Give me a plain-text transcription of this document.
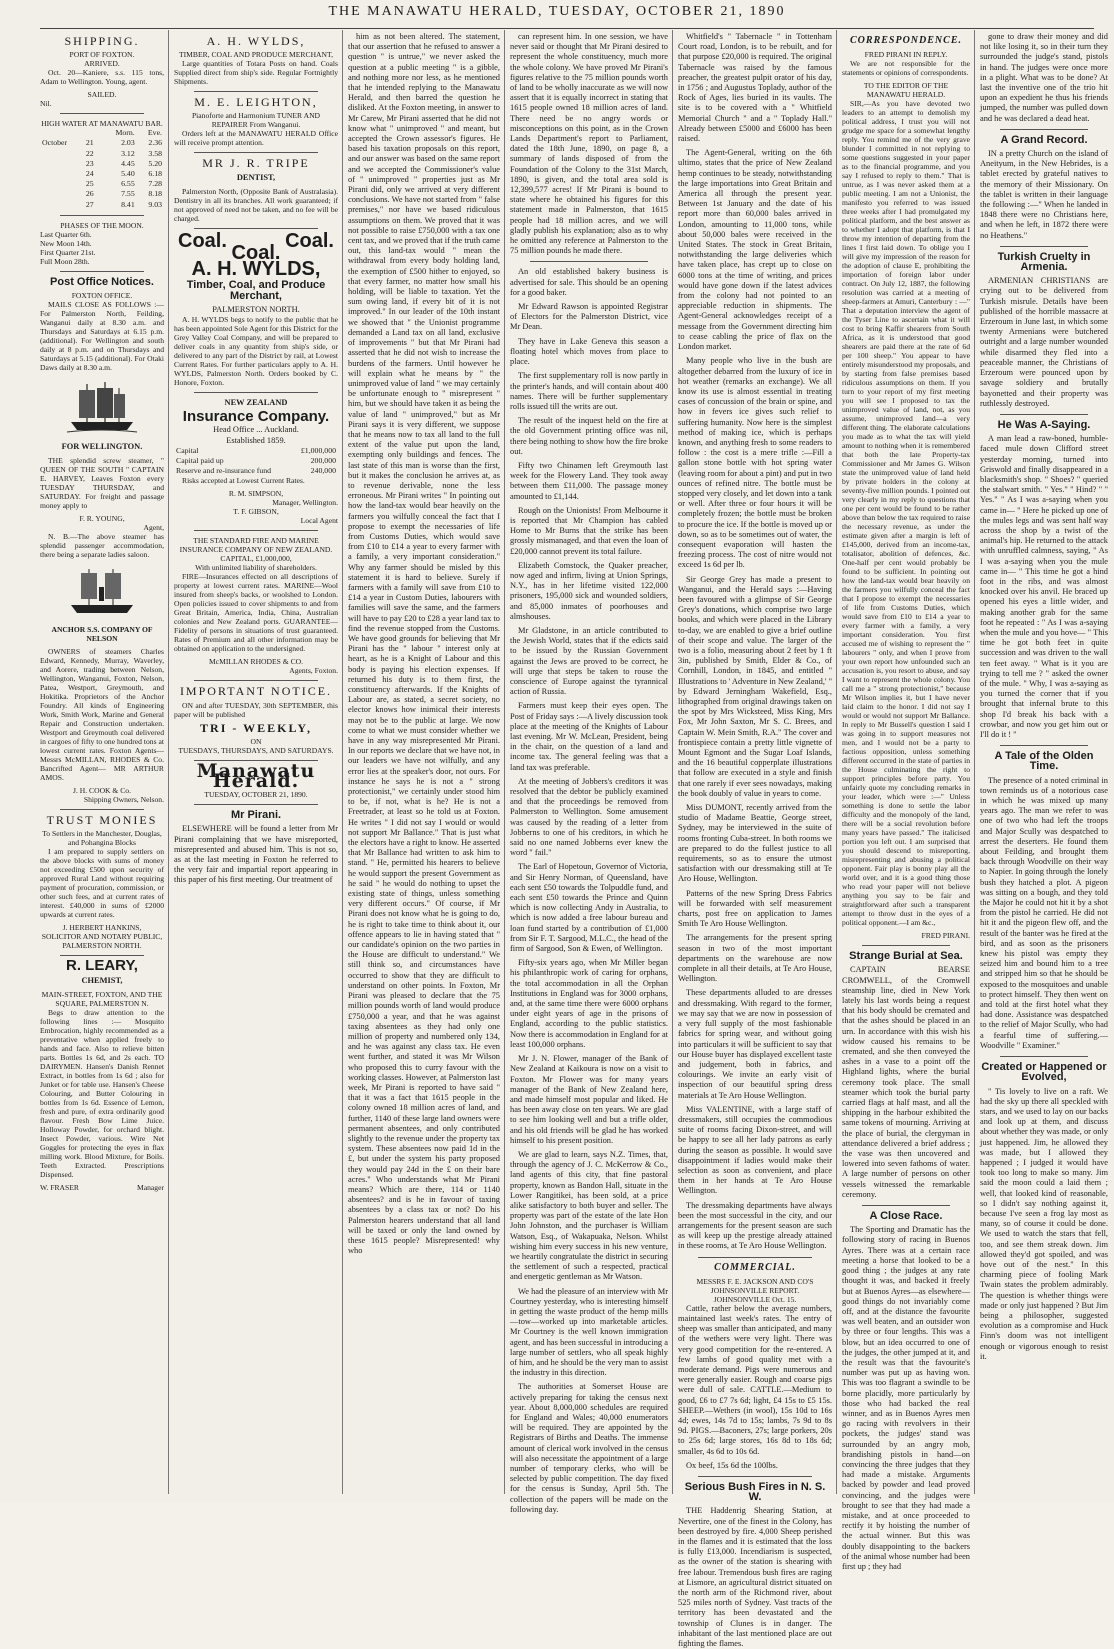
THE MANAWATU HERALD, TUESDAY, OCTOBER 21, 1890
SHIPPING.
PORT OF FOXTON.
ARRIVED.

Oct. 20—Kaniere, s.s. 115 tons, Adam to Wellington. Young, agent.

SAILED.

Nil.

HIGH WATER AT MANAWATU BAR.
		Morn.	Eve.
October	21	2.03	2.36
	22	3.12	3.58
	23	4.45	5.20
	24	5.40	6.18
	25	6.55	7.28
	26	7.55	8.18
	27	8.41	9.03
PHASES OF THE MOON.
Last Quarter 6th.
New Moon 14th.
First Quarter 21st.
Full Moon 28th.
Post Office Notices.
FOXTON OFFICE.

MAILS CLOSE AS FOLLOWS :— For Palmerston North, Feilding, Wanganui daily at 8.30 a.m. and Thursdays and Saturdays at 6.15 p.m. (additional). For Wellington and south daily at 8 p.m. and on Thursdays and Saturdays at 5.15 (additional). For Otaki Daws daily at 8.30 a.m.

FOR WELLINGTON.

THE splendid screw steamer, " QUEEN OF THE SOUTH " CAPTAIN E. HARVEY, Leaves Foxton every TUESDAY THURSDAY, and SATURDAY. For freight and passage money apply to

F. R. YOUNG,
Agent,

N. B.—The above steamer has splendid passenger accommodation, there being a separate ladies saloon.

ANCHOR S.S. COMPANY OF NELSON

OWNERS of steamers Charles Edward, Kennedy, Murray, Waverley, and Aorere, trading between Nelson, Wellington, Wanganui, Foxton, Nelson, Patea, Westport, Greymouth, and Hokitika. Proprietors of the Anchor Foundry. All kinds of Engineering Work, Smith Work, Marine and General Repair and Construction undertaken. Westport and Greymouth coal delivered in cargoes of fifty to one hundred tons at lowest current rates. Foxton Agents— Messrs McMILLAN, RHODES & Co. Bancrifted Agent— MR ARTHUR AMOS.

J. H. COOK & Co.
Shipping Owners, Nelson.
TRUST MONIES
To Settlers in the Manchester, Douglas, and Pohangina Blocks

I am prepared to supply settlers on the above blocks with sums of money not exceeding £500 upon security of approved Rural Land without requiring payment of procuration, commission, or other such fees, and at current rates of interest. £40,000 in sums of £2000 upwards at current rates.

J. HERBERT HANKINS,
SOLICITOR AND NOTARY PUBLIC, PALMERSTON NORTH.
R. LEARY,
CHEMIST,
MAIN-STREET, FOXTON, AND THE SQUARE, PALMERSTON N.

Begs to draw attention to the following lines :— Mosquito Embrocation, highly recommended as a preventative when applied freely to hands and face. Also to relieve bitten parts. Bottles 1s 6d, and 2s each. TO DAIRYMEN. Hansen's Danish Rennet Extract, in bottles from 1s 6d ; also for Junket or for table use. Hansen's Cheese Colouring, and Butter Colouring in bottles from 1s 6d. Essence of Lemon, fresh and pure, of extra ordinarily good flavour. Fresh Bow Lime Juice. Holloway Powder, for orchard blight. Insect Powder, various. Wire Net Goggles for protecting the eyes in flax milling work. Blood Mixture, for Boils. Teeth Extracted. Prescriptions Dispensed.

W. FRASER	Manager
A. H. WYLDS,
TIMBER, COAL AND PRODUCE MERCHANT,

Large quantities of Totara Posts on hand. Coals Supplied direct from ship's side. Regular Fortnightly Shipments.

M. E. LEIGHTON,
Pianoforte and Harmonium TUNER AND REPAIRER From Wanganui.

Orders left at the MANAWATU HERALD Office will receive prompt attention.

MR J. R. TRIPE
DENTIST,

Palmerston North, (Opposite Bank of Australasia). Dentistry in all its branches. All work guaranteed; if not approved of need not be taken, and no fee will be charged.

Coal.	Coal.
Coal.
A. H. WYLDS,
Timber, Coal, and Produce Merchant,
PALMERSTON NORTH.

A. H. WYLDS begs to notify to the public that he has been appointed Sole Agent for this District for the Grey Valley Coal Company, and will be prepared to deliver coals in any quantity from ship's side, or delivered to any part of the District by rail, at Lowest Current Rates. For further particulars apply to A. H. WYLDS, Palmerston North. Orders booked by C. Honore, Foxton.

NEW ZEALAND
Insurance Company.
Head Office ... Auckland.
Established 1859.
Capital	£1,000,000
Capital paid up	200,000
Reserve and re-insurance fund	240,000

Risks accepted at Lowest Current Rates.

R. M. SIMPSON,
Manager, Wellington.
T. F. GIBSON,
Local Agent
THE STANDARD FIRE AND MARINE INSURANCE COMPANY OF NEW ZEALAND.
CAPITAL, £1,000,000,
With unlimited liability of shareholders.

FIRE—Insurances effected on all descriptions of property at lowest current rates. MARINE—Wool insured from sheep's backs, or woolshed to London. Open policies issued to cover shipments to and from Great Britain, America, India, China, Australian colonies and New Zealand ports. GUARANTEE—Fidelity of persons in situations of trust guaranteed. Rates of Premium and all other information may be obtained on application to the undersigned.

McMILLAN RHODES & CO.
Agents, Foxton.
IMPORTANT NOTICE.

ON and after TUESDAY, 30th SEPTEMBER, this paper will be published

TRI - WEEKLY,
ON
TUESDAYS, THURSDAYS, AND SATURDAYS.
Manawatu Herald.
TUESDAY, OCTOBER 21, 1890.
Mr Pirani.

ELSEWHERE will be found a letter from Mr Pirani complaining that we have misreported, misrepresented and abused him. This is not so, as at the last meeting in Foxton he referred to the very fair and impartial report appearing in this paper of his first meeting. Our treatment of

him as not been altered. The statement, that our assertion that he refused to answer a question " is untrue," we never asked the question at a public meeting " is a gibble, and nothing more nor less, as he mentioned that he intended replying to the Manawatu Herald, and then barred the question he disliked. At the Foxton meeting, in answer to Mr Carew, Mr Pirani asserted that he did not know what " unimproved " and meant, but accepted the Crown assessor's figures. He based his taxation proposals on this report, and our answer was based on the same report and we accepted the Commissioner's value of " unimproved " properties just as Mr Pirani did, only we arrived at very different conclusions. We have not started from " false premises," nor have we based ridiculous assumptions on them. We proved that it was not possible to raise £750,000 with a tax one cent tax, and we proved that if the truth came out, this land-tax would " mean the withdrawal from every body holding land, the exemption of £500 hither to enjoyed, so that every farmer, no matter how small his holding, will be liable to taxation. Yet the sum owing land, if every bit of it is not improved." In our leader of the 10th instant we showed that " the Unionist programme demanded a Land tax on all land, exclusive of improvements " but that Mr Pirani had asserted that he did not wish to increase the burdens of the farmers. Until however he will explain what he means by " the unimproved value of land " we may certainly be unfortunate enough to " misrepresent " him, but we should have taken it as being the value of land " unimproved," but as Mr Pirani says it is very different, we suppose that he means now to tax all land to the full extent of the value put upon the land, exempting only buildings and fences. The last state of this man is worse than the first, but it makes the conclusion he arrives at, as to revenue derivable, none the less erroneous. Mr Pirani writes " In pointing out how the land-tax would bear heavily on the farmers you wilfully conceal the fact that I propose to exempt the necessaries of life from Customs Duties, which would save from £10 to £14 a year to every farmer with a family, a very important consideration." Why any farmer should be misled by this statement it is hard to believe. Surely if farmers with a family will save from £10 to £14 a year in Custom Duties, labourers with families will save the same, and the farmers will have to pay £20 to £28 a year land tax to find the revenue stopped from the Customs. We have good grounds for believing that Mr Pirani has the " labour " interest only at heart, as he is a Knight of Labour and this body is paying his election expenses. If returned his duty is to them first, the constituency afterwards. If the Knights of Labour are, as stated, a secret society, no elector knows how inimical their interests may not be to the public at large. We now come to what we must consider whether we have in any way misrepresented Mr Pirani. In our reports we declare that we have not, in our leaders we have not wilfully, and any error lies at the speaker's door, not ours. For instance he says he is not a " strong protectionist," we certainly under stood him to be, if not, what is he? He is not a Freetrader, at least so he told us at Foxton. He writes " I did not say I would or would not support Mr Ballance." That is just what the electors have a right to know. He asserted that Mr Ballance had written to ask him to stand. " He, permitted his hearers to believe he would support the present Government as he said " he would do nothing to upset the existing state of things, unless something very different occurs." Of course, if Mr Pirani does not know what he is going to do, he is right to take time to think about it, our offence appears to lie in having stated that " our candidate's opinion on the two parties in the House are difficult to understand." We still think so, and circumstances have occurred to show that they are difficult to understand on other points. In Foxton, Mr Pirani was pleased to declare that the 75 million pounds worth of land would produce £750,000 a year, and that he was against taxing absentees as they had only one million of property and numbered only 134, and he was against any class tax. He even went further, and stated it was Mr Wilson who proposed this to curry favour with the working classes. However, at Palmerston last week, Mr Pirani is reported to have said " that it was a fact that 1615 people in the colony owned 18 million acres of land, and further, 1140 of these large land owners were permanent absentees, and only contributed slightly to the revenue under the property tax system. These absentees now paid 1d in the £, but under the system his party proposed they would pay 24d in the £ on their bare acres." Who understands what Mr Pirani means? Which are there, 114 or 1140 absentees? and is he in favour of taxing absentees by a class tax or not? Do his Palmerston hearers understand that all land will be taxed or only the land owned by these 1615 people? Misrepresented! why who

can represent him. In one session, we have never said or thought that Mr Pirani desired to represent the whole constituency, much more the whole colony. We have proved Mr Pirani's figures relative to the 75 million pounds worth of land to be wholly inaccurate as we will now assert that it is equally incorrect in stating that 1615 people owned 18 million acres of land. There need be no angry words or misconceptions on this point, as in the Crown Lands Department's report to Parliament, dated the 18th June, 1890, on page 8, a summary of lands disposed of from the Foundation of the Colony to the 31st March, 1890, is given, and the total area sold is 12,399,577 acres! If Mr Pirani is bound to state where he obtained his figures for this statement made in Palmerston, that 1615 people had 18 million acres, and we will gladly publish his explanation; also as to why he omitted any reference at Palmerston to the 75 million pounds he made there.

An old established bakery business is advertised for sale. This should be an opening for a good baker.

Mr Edward Rawson is appointed Registrar of Electors for the Palmerston District, vice Mr Dean.

They have in Lake Geneva this season a floating hotel which moves from place to place.

The first supplementary roll is now partly in the printer's hands, and will contain about 400 names. There will be further supplementary rolls issued till the writs are out.

The result of the inquest held on the fire at the old Government printing office was nil, there being nothing to show how the fire broke out.

Fifty two Chinamen left Greymouth last week for the Flowery Land. They took away between them £11,000. The passage money amounted to £1,144.

Rough on the Unionists! From Melbourne it is reported that Mr Champion has cabled Home to Mr Burns that the strike has been grossly mismanaged, and that even the loan of £20,000 cannot prevent its total failure.

Elizabeth Comstock, the Quaker preacher, now aged and infirm, living at Union Springs, N.Y., has in her lifetime visited 122,000 prisoners, 195,000 sick and wounded soldiers, and 85,000 inmates of poorhouses and almshouses.

Mr Gladstone, in an article contributed to the Jewish World, states that if the edicts said to be issued by the Russian Government against the Jews are proved to be correct, he will urge that steps be taken to rouse the conscience of Europe against the tyrannical action of Russia.

Farmers must keep their eyes open. The Post of Friday says :—A lively discussion took place at the meeting of the Knights of Labour last evening. Mr W. McLean, President, being in the chair, on the question of a land and income tax. The general feeling was that a land tax was preferable.

At the meeting of Jobbers's creditors it was resolved that the debtor be publicly examined and that the proceedings be removed from Palmerston to Wellington. Some amusement was caused by the reading of a letter from Jobberns to one of his creditors, in which he said no one named Jobberns ever knew the word " fail."

The Earl of Hopetoun, Governor of Victoria, and Sir Henry Norman, of Queensland, have each sent £50 towards the Tolpuddle fund, and each sent £50 towards the Prince and Quinn which is now collecting Andy in Australia, to which is now added a free labour bureau and loan fund started by a contribution of £1,000 from Sir F. T. Sargood, M.L.C., the head of the firm of Sargood, Son & Ewen, of Wellington.

Fifty-six years ago, when Mr Miller began his philanthropic work of caring for orphans, the total accommodation in all the Orphan Institutions in England was for 3000 orphans, and, at the same time there were 6000 orphans under eight years of age in the prisons of England, according to the public statistics. Now there is accommodation in England for at least 100,000 orphans.

Mr J. N. Flower, manager of the Bank of New Zealand at Kaikoura is now on a visit to Foxton. Mr Flower was for many years manager of the Bank of New Zealand here, and made himself most popular and liked. He has been away close on ten years. We are glad to see him looking well and but a trifle older, and his old friends will be glad he has worked himself to his present position.

We are glad to learn, says N.Z. Times, that, through the agency of J. C. McKerrow & Co., land agents of this city, that fine pastoral property, known as Bandon Hall, situate in the Lower Rangitikei, has been sold, at a price alike satisfactory to both buyer and seller. The property was part of the estate of the late Hon John Johnston, and the purchaser is William Watson, Esq., of Wakapuaka, Nelson. Whilst wishing him every success in his new venture, we heartily congratulate the district in securing the settlement of such a respected, practical and energetic gentleman as Mr Watson.

We had the pleasure of an interview with Mr Courtney yesterday, who is interesting himself in getting the waste product of the hemp mills—tow—worked up into marketable articles. Mr Courtney is the well known immigration agent, and has been successful in introducing a large number of settlers, who all speak highly of him, and he should be the very man to assist the industry in this direction.

The authorities at Somerset House are actively preparing for taking the census next year. About 8,000,000 schedules are required for England and Wales; 40,000 enumerators will be required. They are appointed by the Registrars of Births and Deaths. The immense amount of clerical work involved in the census will also necessitate the appointment of a large number of temporary clerks, who will be selected by public competition. The day fixed for the census is Sunday, April 5th. The collection of the papers will be made on the following day.

Whitfield's " Tabernacle " in Tottenham Court road, London, is to be rebuilt, and for that purpose £20,000 is required. The original Tabernacle was raised by the famous preacher, the greatest pulpit orator of his day, in 1756 ; and Augustus Toplady, author of the Rock of Ages, lies buried in its vaults. The site is to be covered with a " Whitfield Memorial Church " and a " Toplady Hall." Already between £5000 and £6000 has been raised.

The Agent-General, writing on the 6th ultimo, states that the price of New Zealand hemp continues to be steady, notwithstanding the large importations into Great Britain and America all through the present year. Between 1st January and the date of his report more than 60,000 bales arrived in London, amounting to 11,000 tons, while about 50,000 bales were received in the United States. The stock in Great Britain, notwithstanding the large deliveries which have taken place, has crept up to close on 6000 tons at the time of writing, and prices would have gone down if the latest advices from the colony had not pointed to an appreciable reduction in shipments. The Agent-General acknowledges receipt of a message from the Government directing him to cease cabling the price of flax on the London market.

Many people who live in the bush are altogether debarred from the luxury of ice in hot weather (remarks an exchange). We all know its use is almost essential in treating cases of concussion of the brain or spine, and how in fevers ice gives such relief to suffering humanity. Now here is the simplest method of making ice, which is perhaps known, and anything fresh to some readers to follow : the cost is a mere trifle :—Fill a gallon stone bottle with hot spring water (leaving room for about a pint) and put in two ounces of refined nitre. The bottle must be stopped very closely, and let down into a tank or well. After three or four hours it will be completely frozen; the bottle must be broken to procure the ice. If the bottle is moved up or down, so as to be sometimes out of water, the consequent evaporation will hasten the freezing process. The cost of nitre would not exceed 1s 6d per lb.

Sir George Grey has made a present to Wanganui, and the Herald says :—Having been favoured with a glimpse of Sir George Grey's donations, which comprise two large books, and which were placed in the Library to-day, we are enabled to give a brief outline of their scope and value. The larger of the two is a folio, measuring about 2 feet by 1 ft 3in, published by Smith, Elder & Co., of Cornhill, London, in 1845, and entitled " Illustrations to ' Adventure in New Zealand,' " by Edward Jerningham Wakefield, Esq., lithographed from original drawings taken on the spot by Mrs Wicksteed, Miss King, Mrs Fox, Mr John Saxton, Mr S. C. Brees, and Captain W. Mein Smith, R.A." The cover and frontispiece contain a pretty little vignette of Mount Egmont and the Sugar Loaf Islands, and the 16 beautiful copperplate illustrations that follow are executed in a style and finish that one rarely if ever sees nowadays, making the book doubly of value in years to come.

Miss DUMONT, recently arrived from the studio of Madame Beattie, George street, Sydney, may be interviewed in the suite of rooms fronting Cuba-street. In both rooms we are prepared to do the fullest justice to all requirements, so as to ensure the utmost satisfaction with our dressmaking still at Te Aro House, Wellington.

Patterns of the new Spring Dress Fabrics will be forwarded with self measurement charts, post free on application to James Smith Te Aro House Wellington.

The arrangements for the present spring season in two of the most important departments on the warehouse are now complete in all their details, at Te Aro House, Wellington.

These departments alluded to are dresses and dressmaking. With regard to the former, we may say that we are now in possession of a very full supply of the most fashionable fabrics for spring wear, and without going into particulars it will be sufficient to say that our House buyer has displayed excellent taste and judgement, both in fabrics, and colourings. We invite an early visit of inspection of our beautiful spring dress materials at Te Aro House Wellington.

Miss VALENTINE, with a large staff of dressmakers, still occupies the commodious suite of rooms facing Dixon-street, and will be happy to see all her lady patrons as early during the season as possible. It would save disappointment if ladies would make their selection as soon as convenient, and place them in her hands at Te Aro House Wellington.

The dressmaking departments have always been the most successful in the city, and our arrangements for the present season are such as will keep up the prestige already attained in these rooms, at Te Aro House Wellington.

COMMERCIAL.
MESSRS F. E. JACKSON AND CO'S JOHNSONVILLE REPORT.
JOHNSONVILLE Oct. 15.

Cattle, rather below the average numbers, maintained last week's rates. The entry of sheep was smaller than anticipated, and many of the wethers were very light. There was very good competition for the re-entered. A few lambs of good quality met with a moderate demand. Pigs were numerous and were generally easier. Rough and coarse pigs were dull of sale. CATTLE.—Medium to good, £6 to £7 7s 6d; light, £4 15s to £5 15s. SHEEP.—Wethers (in wool), 15s 10d to 16s 4d; ewes, 14s 7d to 15s; lambs, 7s 9d to 8s 9d. PIGS.—Baconers, 27s; large porkers, 20s to 25s 6d; large stores, 16s 8d to 18s 6d; smaller, 4s 6d to 10s 6d.

Ox beef, 15s 6d the 100lbs.

Serious Bush Fires in N. S. W.

THE Haddenrig Shearing Station, at Nevertire, one of the finest in the Colony, has been destroyed by fire. 4,000 Sheep perished in the flames and it is estimated that the loss is fully £13,000. Incendiarism is suspected, as the owner of the station is shearing with free labour. Tremendous bush fires are raging at Lismore, an agricultural district situated on the north arm of the Richmond river, about 525 miles north of Sydney. Vast tracts of the territory has been devastated and the township of Clunes is in danger. The inhabitant of the last mentioned place are out fighting the flames.

CORRESPONDENCE.
FRED PIRANI IN REPLY.

We are not responsible for the statements or opinions of correspondents.

TO THE EDITOR OF THE MANAWATU HERALD.

SIR,—As you have devoted two leaders to an attempt to demolish my political address, I trust you will not grudge me space for a somewhat lengthy reply. You remind me of the very grave blunder I committed in not replying to some questions suggested in your paper as to the financial programme, and you say I refused to reply to them." That is untrue, as I was never asked them at a public meeting. I am not a Unionist, the manifesto you referred to was issued three weeks after I had promulgated my political platform, and the best answer as to whether I adopt that platform, is that I throw my intention of departing from the lines I first laid down. To oblige you I will give my impression of the reason for the adoption of clause E, prohibiting the importation of foreign labor under contract. On July 12, 1887, the following resolution was carried at a meeting of sheep-farmers at Amuri, Canterbury : —" That a deputation interview the agent of the Tyser Line to ascertain what it will cost to bring Kaffir shearers from South Africa, as it is understood that good shearers are paid there at the rate of 6d per 100 sheep." You appear to have entirely misunderstood my proposals, and by starting from false premises based ridiculous assumptions on them. If you turn to your report of my first meeting you will see I proposed to tax the unimproved value of land, not, as you assume, unimproved land—a very different thing. The elaborate calculations you made as to what the tax will yield amount to nothing when it is remembered that both the late Property-tax Commissioner and Mr James G. Wilson state the unimproved value of land held by private holders in the colony at seventy-five million pounds. I pointed out very clearly in my reply to questions that one per cent would be found to be rather above than below the tax required to raise the necessary revenue, as under the estimate given after a margin is left of £145,000, derived from an income-tax, totalisator, abolition of defences, &c. One-half per cent would probably be found to be sufficient. In pointing out how the land-tax would bear heavily on the farmers you wilfully conceal the fact that I propose to exempt the necessaries of life from Customs Duties, which would save from £10 to £14 a year to every farmer with a family, a very important consideration. You first accused me of wishing to represent the " labourers " only, and when I prove from your own report how unfounded such an accusation is, you resort to abuse, and say I want to represent the whole colony. You call me a " strong protectionist," because Mr Wilson implies it, but I have never laid claim to the honor. I did not say I would or would not support Mr Ballance. In reply to Mr Bussell's question I said I was going in to support measures not men, and I would not be a party to factious opposition, unless something different occurred in the state of parties in the House culminating the right to support principles before party. You unfairly quote my concluding remarks in your leader, which were :—" Unless something is done to settle the labor difficulty and the monopoly of the land, there will be a social revolution before many years have passed." The italicised portion you left out. I am surprised that you should descend to misreporting, misrepresenting and abusing a political opponent. Fair play is bonny play all the world over, and it is a good thing those who read your paper will not believe anything you say to be fair and straightforward after such a transparent attempt to throw dust in the eyes of a political opponent.—I am &c.,

FRED PIRANI.
Strange Burial at Sea.

CAPTAIN BEARSE CROMWELL, of the Cromwell steamship line, died in New York lately his last words being a request that his body should be cremated and that the ashes should be placed in an urn. In accordance with this wish his widow caused his remains to be cremated, and she then conveyed the ashes in a vase to a point off the Highland lights, where the burial ceremony took place. The small steamer which took the burial party carried flags at half mast, and all the shipping in the harbour exhibited the same tokens of mourning. Arriving at the place of burial, the clergyman in attendance delivered a brief address ; the vase was then uncovered and lowered into seven fathoms of water. A large number of persons on other vessels witnessed the remarkable ceremony.

A Close Race.

The Sporting and Dramatic has the following story of racing in Buenos Ayres. There was at a certain race meeting a horse that looked to be a good thing ; the judges at any rate thought it was, and backed it freely but at Buenos Ayres—as elsewhere—good things do not invariably come off, and at the distance the favourite was well beaten, and an outsider won by three or four lengths. This was a blow, but an idea occurred to one of the judges, the other jumped at it, and the result was that the favourite's number was put up as having won. This was too flagrant a swindle to be borne placidly, more particularly by those who had backed the real winner, and as in Buenos Ayres men go racing with revolvers in their pockets, the judges' stand was surrounded by an angry mob, brandishing pistols in hand—on convincing the three judges that they had made a mistake. Arguments backed by powder and lead proved convincing, and the judges were brought to see that they had made a mistake, and at once proceeded to rectify it by hoisting the number of the actual winner. But this was doubly disappointing to the backers of the animal whose number had been first up ; they had

gone to draw their money and did not like losing it, so in their turn they surrounded the judge's stand, pistols in hand. The judges were once more in a plight. What was to be done? At last the inventive one of the trio hit upon an expedient he thus his friends jumped, the number was pulled down and he was declared a dead heat.

A Grand Record.

IN a pretty Church on the island of Aneityum, in the New Hebrides, is a tablet erected by grateful natives to the memory of their Missionary. On the tablet is written in their language the following :—" When he landed in 1848 there were no Christians here, and when he left, in 1872 there were no Heathens."

Turkish Cruelty in Armenia.

ARMENIAN CHRISTIANS are crying out to be delivered from Turkish misrule. Details have been published of the horrible massacre at Erzeroum in June last, in which some twenty Armenians were butchered outright and a large number wounded while disarmed they fled into a peaceable manner, the Christians of Erzeroum were pounced upon by savage soldiery and brutally bayonetted and their property was ruthlessly destroyed.

He Was A-Saying.

A man lead a raw-boned, humble-faced mule down Clifford street yesterday morning, turned into Griswold and finally disappeared in a blacksmith's shop. " Shoes? " queried the stalwart smith. " Yes." " Hind? " " Yes." " As I was a-saying when you came in— " Here he picked up one of the mules legs and was sent half way across the shop by a twist of the animal's hip. He returned to the attack with unruffled calmness, saying, " As I was a-saying when you the mule came in— " This time he got a hind foot in the ribs, and was almost knocked over his anvil. He braced up opened his eyes a little wider, and making another grab for the same foot he repeated : " As I was a-saying when the mule and you hove— " This time he got both feet in quite succession and was driven to the wall ten feet away. " What is it you are trying to tell me ? " asked the owner of the mule. " Why, I was a-saying as you turned the corner that if you brought that infernal brute to this shop I'd break his back with a crowbar, and now you get him out or I'll do it ! "

A Tale of the Olden Time.

The presence of a noted criminal in town reminds us of a notorious case in which he was mixed up many years ago. The man we refer to was one of two who had left the troops and Major Scully was despatched to arrest the deserters. He found them about Feilding, and brought them back through Woodville on their way to Napier. In going through the lonely bush they hatched a plot. A pigeon was sitting on a bough, and they told the Major he could not hit it by a shot from the pistol he carried. He did not hit it and the pigeon flew off, and the result of the banter was he fired at the bird, and as soon as the prisoners knew his pistol was empty they seized him and bound him to a tree and stripped him so that he should be exposed to the mosquitoes and unable to protect himself. They then went on and told at the first hotel what they had done. Assistance was despatched to the relief of Major Scully, who had a fearful time of suffering.—Woodville " Examiner."

Created or Happened or Evolved,

" Tis lovely to live on a raft. We had the sky up there all speckled with stars, and we used to lay on our backs and look up at them, and discuss about whether they was made, or only just happened. Jim, he allowed they was made, but I allowed they happened ; I judged it would have took too long to make so many. Jim said the moon could a laid them ; well, that looked kind of reasonable, so I didn't say nothing against it, because I've seen a frog lay most as many, so of course it could be done. We used to watch the stars that fell, too, and see them streak down. Jim allowed they'd got spoiled, and was hove out of the nest." In this charming piece of fooling Mark Twain states the problem admirably. The question is whether things were made or only just happened ? But Jim being a philosopher, suggested evolution as a compromise and Huck Finn's doom was not intelligent enough or vigorous enough to resist it.
